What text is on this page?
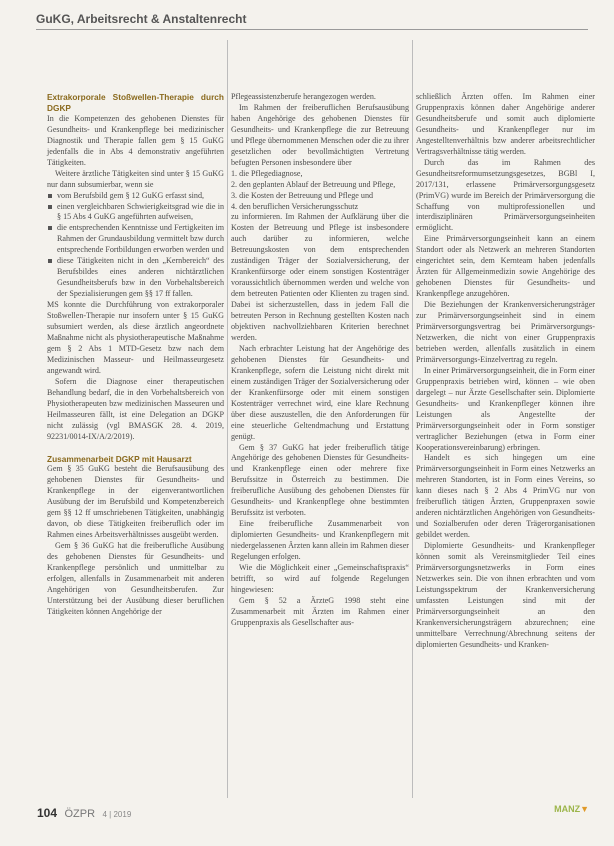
GuKG, Arbeitsrecht & Anstaltenrecht
Extrakorporale Stoßwellen-Therapie durch DGKP

In die Kompetenzen des gehobenen Dienstes für Gesundheits- und Krankenpflege bei medizinischer Diagnostik und Therapie fallen gem § 15 GuKG jedenfalls die in Abs 4 demonstrativ angeführten Tätigkeiten.

Weitere ärztliche Tätigkeiten sind unter § 15 GuKG nur dann subsumierbar, wenn sie

vom Berufsbild gem § 12 GuKG erfasst sind,
einen vergleichbaren Schwierigkeitsgrad wie die in § 15 Abs 4 GuKG angeführten aufweisen,
die entsprechenden Kenntnisse und Fertigkeiten im Rahmen der Grundausbildung vermittelt bzw durch entsprechende Fortbildungen erworben werden und
diese Tätigkeiten nicht in den „Kernbereich“ des Berufsbildes eines anderen nichtärztlichen Gesundheitsberufs bzw in den Vorbehaltsbereich der Spezialisierungen gem §§ 17 ff fallen.

MS konnte die Durchführung von extrakorporaler Stoßwellen-Therapie nur insofern unter § 15 GuKG subsumiert werden, als diese ärztlich angeordnete Maßnahme nicht als physiotherapeutische Maßnahme gem § 2 Abs 1 MTD-Gesetz bzw nach dem Medizinischen Masseur- und Heilmasseurgesetz angewandt wird.

Sofern die Diagnose einer therapeutischen Behandlung bedarf, die in den Vorbehaltsbereich von Physiotherapeuten bzw medizinischen Masseuren und Heilmasseuren fällt, ist eine Delegation an DGKP nicht zulässig (vgl BMASGK 28. 4. 2019, 92231/0014-IX/A/2/2019).

Zusammenarbeit DGKP mit Hausarzt

Gem § 35 GuKG besteht die Berufsausübung des gehobenen Dienstes für Gesundheits- und Krankenpflege in der eigenverantwortlichen Ausübung der im Berufsbild und Kompetenzbereich gem §§ 12 ff umschriebenen Tätigkeiten, unabhängig davon, ob diese Tätigkeiten freiberuflich oder im Rahmen eines Arbeitsverhältnisses ausgeübt werden.

Gem § 36 GuKG hat die freiberufliche Ausübung des gehobenen Dienstes für Gesundheits- und Krankenpflege persönlich und unmittelbar zu erfolgen, allenfalls in Zusammenarbeit mit anderen Angehörigen von Gesundheitsberufen. Zur Unterstützung bei der Ausübung dieser beruflichen Tätigkeiten können Angehörige der

Pflegeassistenzberufe herangezogen werden.

Im Rahmen der freiberuflichen Berufsausübung haben Angehörige des gehobenen Dienstes für Gesundheits- und Krankenpflege die zur Betreuung und Pflege übernommenen Menschen oder die zu ihrer gesetzlichen oder bevollmächtigten Vertretung befugten Personen insbesondere über

1. die Pflegediagnose,
2. den geplanten Ablauf der Betreuung und Pflege,
3. die Kosten der Betreuung und Pflege und
4. den beruflichen Versicherungsschutz

zu informieren. Im Rahmen der Aufklärung über die Kosten der Betreuung und Pflege ist insbesondere auch darüber zu informieren, welche Betreuungskosten von dem entsprechenden zuständigen Träger der Sozialversicherung, der Krankenfürsorge oder einem sonstigen Kostenträger voraussichtlich übernommen werden und welche von dem betreuten Patienten oder Klienten zu tragen sind. Dabei ist sicherzustellen, dass in jedem Fall die betreuten Person in Rechnung gestellten Kosten nach objektiven nachvollziehbaren Kriterien berechnet werden.

Nach erbrachter Leistung hat der Angehörige des gehobenen Dienstes für Gesundheits- und Krankenpflege, sofern die Leistung nicht direkt mit einem zuständigen Träger der Sozialversicherung oder der Krankenfürsorge oder mit einem sonstigen Kostenträger verrechnet wird, eine klare Rechnung über diese auszustellen, die den Anforderungen für eine steuerliche Geltendmachung und Erstattung genügt.

Gem § 37 GuKG hat jeder freiberuflich tätige Angehörige des gehobenen Dienstes für Gesundheits- und Krankenpflege einen oder mehrere fixe Berufssitze in Österreich zu bestimmen. Die freiberufliche Ausübung des gehobenen Dienstes für Gesundheits- und Krankenpflege ohne bestimmten Berufssitz ist verboten.

Eine freiberufliche Zusammenarbeit von diplomierten Gesundheits- und Krankenpflegern mit niedergelassenen Ärzten kann allein im Rahmen dieser Regelungen erfolgen.

Wie die Möglichkeit einer „Gemeinschaftspraxis“ betrifft, so wird auf folgende Regelungen hingewiesen:

Gem § 52 a ÄrzteG 1998 steht eine Zusammenarbeit mit Ärzten im Rahmen einer Gruppenpraxis als Gesellschafter aus-

schließlich Ärzten offen. Im Rahmen einer Gruppenpraxis können daher Angehörige anderer Gesundheitsberufe und somit auch diplomierte Gesundheits- und Krankenpfleger nur im Angestelltenverhältnis bzw anderer arbeitsrechtlicher Vertragsverhältnisse tätig werden.

Durch das im Rahmen des Gesundheitsreformumsetzungsgesetzes, BGBl I, 2017/131, erlassene Primärversorgungsgesetz (PrimVG) wurde im Bereich der Primärversorgung die Schaffung von multiprofessionellen und interdisziplinären Primärversorgungseinheiten ermöglicht.

Eine Primärversorgungseinheit kann an einem Standort oder als Netzwerk an mehreren Standorten eingerichtet sein, dem Kernteam haben jedenfalls Ärzten für Allgemeinmedizin sowie Angehörige des gehobenen Dienstes für Gesundheits- und Krankenpflege anzugehören.

Die Beziehungen der Krankenversicherungsträger zur Primärversorgungseinheit sind in einem Primärversorgungsvertrag bei Primärversorgungs-Netzwerken, die nicht von einer Gruppenpraxis betrieben werden, allenfalls zusätzlich in einem Primärversorgungs-Einzelvertrag zu regeln.

In einer Primärversorgungseinheit, die in Form einer Gruppenpraxis betrieben wird, können – wie oben dargelegt – nur Ärzte Gesellschafter sein. Diplomierte Gesundheits- und Krankenpfleger können ihre Leistungen als Angestellte der Primärversorgungseinheit oder in Form sonstiger vertraglicher Beziehungen (etwa in Form einer Kooperationsvereinbarung) erbringen.

Handelt es sich hingegen um eine Primärversorgungseinheit in Form eines Netzwerks an mehreren Standorten, ist in Form eines Vereins, so kann dieses nach § 2 Abs 4 PrimVG nur von freiberuflich tätigen Ärzten, Gruppenpraxen sowie anderen nichtärztlichen Angehörigen von Gesundheits- und Sozialberufen oder deren Trägerorganisationen gebildet werden.

Diplomierte Gesundheits- und Krankenpfleger können somit als Vereinsmitglieder Teil eines Primärversorgungsnetzwerks in Form eines Netzwerkes sein. Die von ihnen erbrachten und vom Leistungsspektrum der Krankenversicherung umfassten Leistungen sind mit der Primärversorgungseinheit an den Krankenversicherungsträgern abzurechnen; eine unmittelbare Verrechnung/Abrechnung seitens der diplomierten Gesundheits- und Kranken-

104 ÖZPR 4 | 2019
MANZ▼
